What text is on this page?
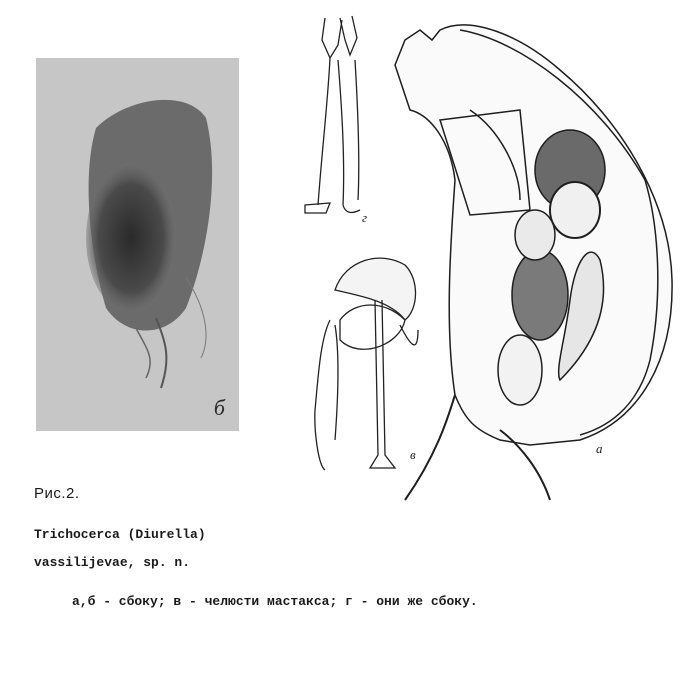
б
г
в	а
Рис.2.
Trichocerca (Diurella)
vassilijevae, sp. n.
а,б - сбоку; в - челюсти мастакса; г - они же сбоку.
